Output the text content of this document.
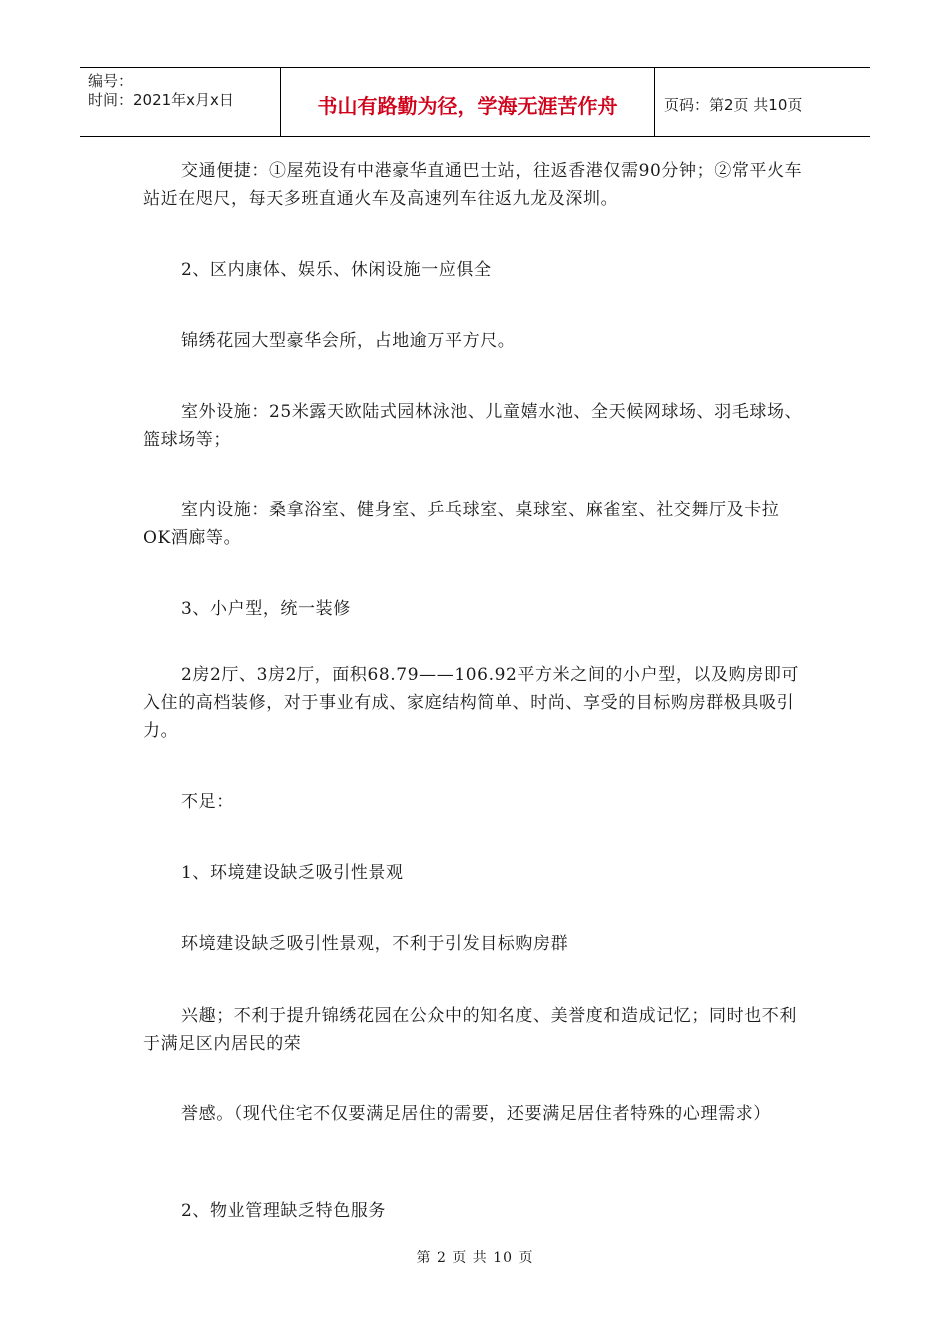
编号：
时间：2021年x月x日	书山有路勤为径，学海无涯苦作舟	页码：第2页 共10页

交通便捷：①屋苑设有中港豪华直通巴士站，往返香港仅需90分钟；②常平火车站近在咫尺，每天多班直通火车及高速列车往返九龙及深圳。

2、区内康体、娱乐、休闲设施一应俱全

锦绣花园大型豪华会所，占地逾万平方尺。

室外设施：25米露天欧陆式园林泳池、儿童嬉水池、全天候网球场、羽毛球场、篮球场等；

室内设施：桑拿浴室、健身室、乒乓球室、桌球室、麻雀室、社交舞厅及卡拉OK酒廊等。

3、小户型，统一装修

2房2厅、3房2厅，面积68.79——106.92平方米之间的小户型，以及购房即可入住的高档装修，对于事业有成、家庭结构简单、时尚、享受的目标购房群极具吸引力。

不足：

1、环境建设缺乏吸引性景观

环境建设缺乏吸引性景观，不利于引发目标购房群

兴趣；不利于提升锦绣花园在公众中的知名度、美誉度和造成记忆；同时也不利于满足区内居民的荣

誉感。（现代住宅不仅要满足居住的需要，还要满足居住者特殊的心理需求）

2、物业管理缺乏特色服务

第 2 页 共 10 页
